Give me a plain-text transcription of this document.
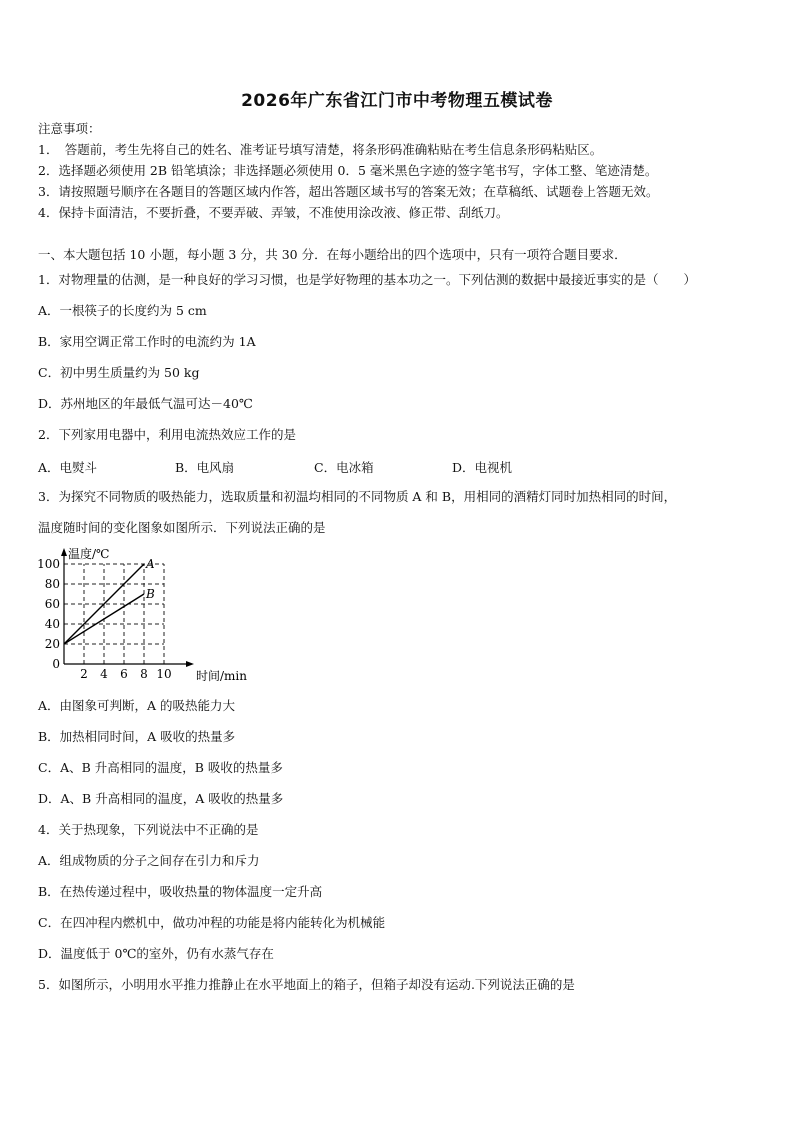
2026年广东省江门市中考物理五模试卷
注意事项：
1．　答题前，考生先将自己的姓名、准考证号填写清楚，将条形码准确粘贴在考生信息条形码粘贴区。
2．选择题必须使用 2B 铅笔填涂；非选择题必须使用 0．5 毫米黑色字迹的签字笔书写，字体工整、笔迹清楚。
3．请按照题号顺序在各题目的答题区域内作答，超出答题区域书写的答案无效；在草稿纸、试题卷上答题无效。
4．保持卡面清洁，不要折叠，不要弄破、弄皱，不准使用涂改液、修正带、刮纸刀。
一、本大题包括 10 小题，每小题 3 分，共 30 分．在每小题给出的四个选项中，只有一项符合题目要求．
1．对物理量的估测，是一种良好的学习习惯，也是学好物理的基本功之一。下列估测的数据中最接近事实的是（　　）
A．一根筷子的长度约为 5 cm
B．家用空调正常工作时的电流约为 1A
C．初中男生质量约为 50 kg
D．苏州地区的年最低气温可达－40℃
2．下列家用电器中，利用电流热效应工作的是
A．电熨斗	B．电风扇	C．电冰箱	D．电视机
3．为探究不同物质的吸热能力，选取质量和初温均相同的不同物质 A 和 B，用相同的酒精灯同时加热相同的时间，
温度随时间的变化图象如图所示．下列说法正确的是
2 4 6 8 10
0
20
40
60
80
100
温度/℃
时间/min
A
B
A．由图象可判断，A 的吸热能力大
B．加热相同时间，A 吸收的热量多
C．A、B 升高相同的温度，B 吸收的热量多
D．A、B 升高相同的温度，A 吸收的热量多
4．关于热现象，下列说法中不正确的是
A．组成物质的分子之间存在引力和斥力
B．在热传递过程中，吸收热量的物体温度一定升高
C．在四冲程内燃机中，做功冲程的功能是将内能转化为机械能
D．温度低于 0℃的室外，仍有水蒸气存在
5．如图所示，小明用水平推力推静止在水平地面上的箱子，但箱子却没有运动.下列说法正确的是
